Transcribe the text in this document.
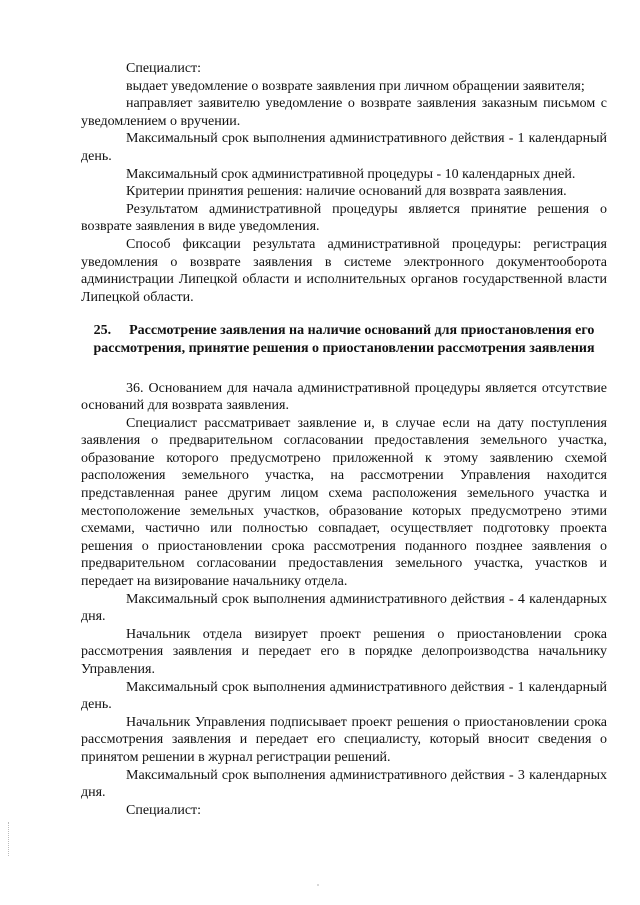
Специалист:

выдает уведомление о возврате заявления при личном обращении заявителя;

направляет заявителю уведомление о возврате заявления заказным письмом с уведомлением о вручении.

Максимальный срок выполнения административного действия - 1 календарный день.

Максимальный срок административной процедуры - 10 календарных дней.

Критерии принятия решения: наличие оснований для возврата заявления.

Результатом административной процедуры является принятие решения о возврате заявления в виде уведомления.

Способ фиксации результата административной процедуры: регистрация уведомления о возврате заявления в системе электронного документооборота администрации Липецкой области и исполнительных органов государственной власти Липецкой области.

25. Рассмотрение заявления на наличие оснований для приостановления его рассмотрения, принятие решения о приостановлении рассмотрения заявления

36. Основанием для начала административной процедуры является отсутствие оснований для возврата заявления.

Специалист рассматривает заявление и, в случае если на дату поступления заявления о предварительном согласовании предоставления земельного участка, образование которого предусмотрено приложенной к этому заявлению схемой расположения земельного участка, на рассмотрении Управления находится представленная ранее другим лицом схема расположения земельного участка и местоположение земельных участков, образование которых предусмотрено этими схемами, частично или полностью совпадает, осуществляет подготовку проекта решения о приостановлении срока рассмотрения поданного позднее заявления о предварительном согласовании предоставления земельного участка, участков и передает на визирование начальнику отдела.

Максимальный срок выполнения административного действия - 4 календарных дня.

Начальник отдела визирует проект решения о приостановлении срока рассмотрения заявления и передает его в порядке делопроизводства начальнику Управления.

Максимальный срок выполнения административного действия - 1 календарный день.

Начальник Управления подписывает проект решения о приостановлении срока рассмотрения заявления и передает его специалисту, который вносит сведения о принятом решении в журнал регистрации решений.

Максимальный срок выполнения административного действия - 3 календарных дня.

Специалист:
